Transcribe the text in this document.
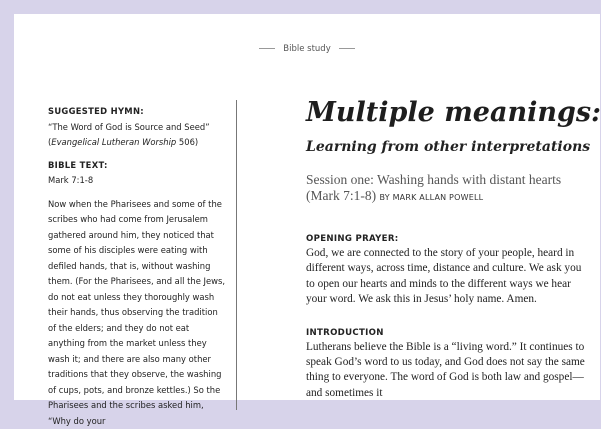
Bible study

SUGGESTED HYMN:

“The Word of God is Source and Seed”

(Evangelical Lutheran Worship 506)

BIBLE TEXT:

Mark 7:1-8

Now when the Pharisees and some of the scribes who had come from Jerusalem gathered around him, they noticed that some of his disciples were eating with defiled hands, that is, without washing them. (For the Pharisees, and all the Jews, do not eat unless they thoroughly wash their hands, thus observing the tradition of the elders; and they do not eat anything from the market unless they wash it; and there are also many other traditions that they observe, the washing of cups, pots, and bronze kettles.) So the Pharisees and the scribes asked him, “Why do your

Multiple meanings:
Learning from other interpretations
Session one: Washing hands with distant hearts (Mark 7:1-8) BY MARK ALLAN POWELL

OPENING PRAYER:

God, we are connected to the story of your people, heard in different ways, across time, distance and culture. We ask you to open our hearts and minds to the different ways we hear your word. We ask this in Jesus’ holy name. Amen.

INTRODUCTION

Lutherans believe the Bible is a “living word.” It continues to speak God’s word to us today, and God does not say the same thing to everyone. The word of God is both law and gospel—and sometimes it
